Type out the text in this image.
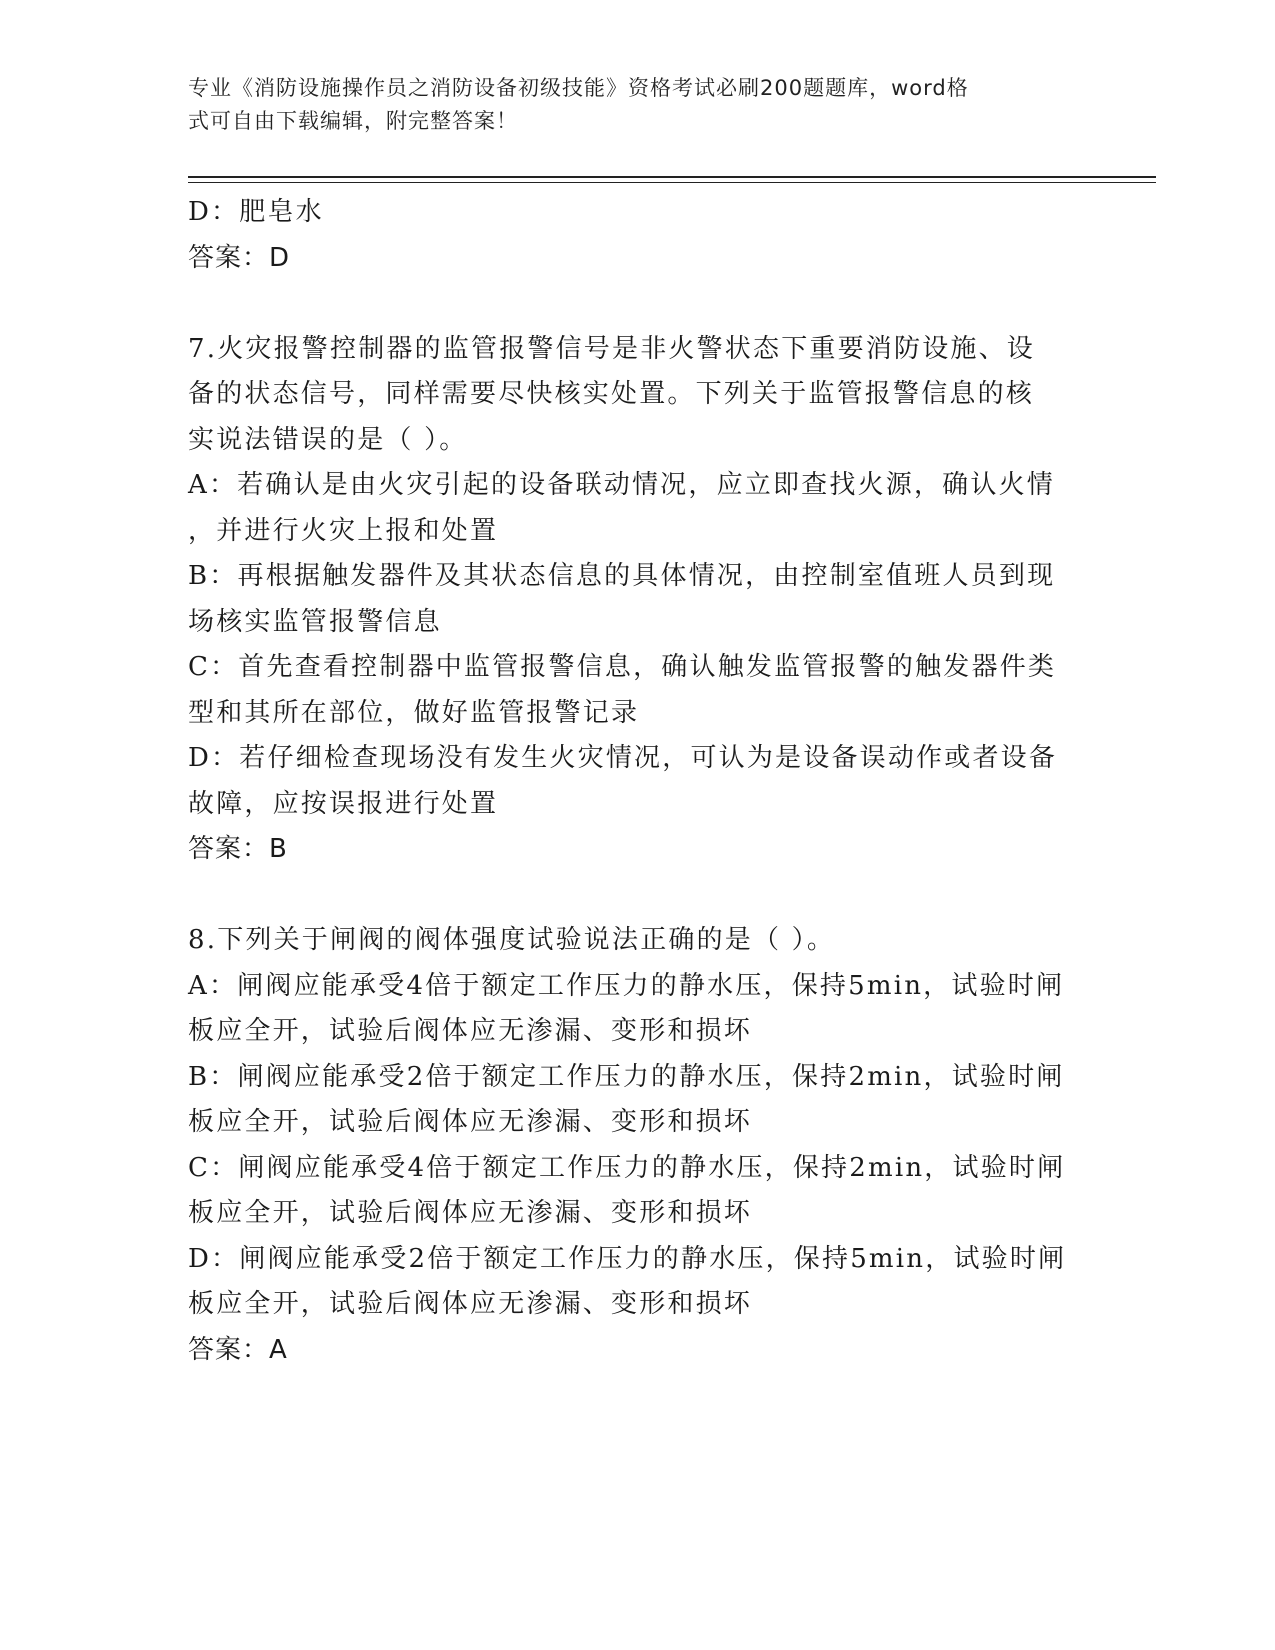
专业《消防设施操作员之消防设备初级技能》资格考试必刷200题题库，word格
式可自由下载编辑，附完整答案！

D：肥皂水

答案：D

7.火灾报警控制器的监管报警信号是非火警状态下重要消防设施、设

备的状态信号，同样需要尽快核实处置。下列关于监管报警信息的核

实说法错误的是（ ）。

A：若确认是由火灾引起的设备联动情况，应立即查找火源，确认火情

，并进行火灾上报和处置

B：再根据触发器件及其状态信息的具体情况，由控制室值班人员到现

场核实监管报警信息

C：首先查看控制器中监管报警信息，确认触发监管报警的触发器件类

型和其所在部位，做好监管报警记录

D：若仔细检查现场没有发生火灾情况，可认为是设备误动作或者设备

故障，应按误报进行处置

答案：B

8.下列关于闸阀的阀体强度试验说法正确的是（ ）。

A：闸阀应能承受4倍于额定工作压力的静水压，保持5min，试验时闸

板应全开，试验后阀体应无渗漏、变形和损坏

B：闸阀应能承受2倍于额定工作压力的静水压，保持2min，试验时闸

板应全开，试验后阀体应无渗漏、变形和损坏

C：闸阀应能承受4倍于额定工作压力的静水压，保持2min，试验时闸

板应全开，试验后阀体应无渗漏、变形和损坏

D：闸阀应能承受2倍于额定工作压力的静水压，保持5min，试验时闸

板应全开，试验后阀体应无渗漏、变形和损坏

答案：A
